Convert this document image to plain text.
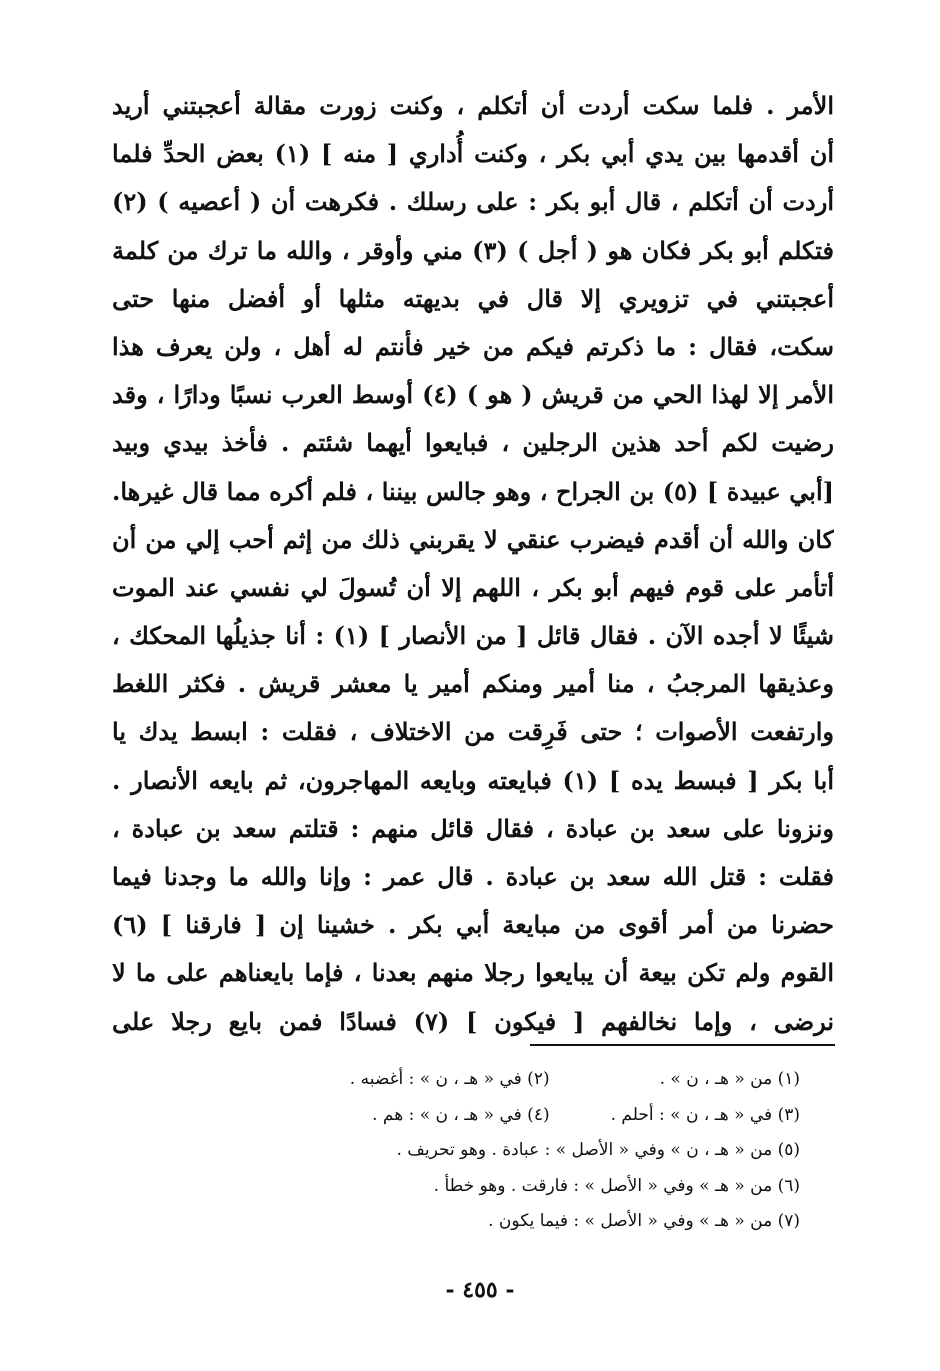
الأمر . فلما سكت أردت أن أتكلم ، وكنت زورت مقالة أعجبتني أريد
أن أقدمها بين يدي أبي بكر ، وكنت أُداري [ منه ] (١) بعض الحدِّ فلما
أردت أن أتكلم ، قال أبو بكر : على رسلك . فكرهت أن ( أعصيه ) (٢)
فتكلم أبو بكر فكان هو ( أجل ) (٣) مني وأوقر ، والله ما ترك من كلمة
أعجبتني في تزويري إلا قال في بديهته مثلها أو أفضل منها حتى
سكت، فقال : ما ذكرتم فيكم من خير فأنتم له أهل ، ولن يعرف هذا
الأمر إلا لهذا الحي من قريش ( هو ) (٤) أوسط العرب نسبًا ودارًا ، وقد
رضيت لكم أحد هذين الرجلين ، فبايعوا أيهما شئتم . فأخذ بيدي وبيد
[أبي عبيدة ] (٥) بن الجراح ، وهو جالس بيننا ، فلم أكره مما قال غيرها.
كان والله أن أقدم فيضرب عنقي لا يقربني ذلك من إثم أحب إلي من أن
أتأمر على قوم فيهم أبو بكر ، اللهم إلا أن تُسولَ لي نفسي عند الموت
شيئًا لا أجده الآن . فقال قائل [ من الأنصار ] (١) : أنا جذيلُها المحكك ،
وعذيقها المرجبُ ، منا أمير ومنكم أمير يا معشر قريش . فكثر اللغط
وارتفعت الأصوات ؛ حتى فَرِقت من الاختلاف ، فقلت : ابسط يدك يا
أبا بكر [ فبسط يده ] (١) فبايعته وبايعه المهاجرون، ثم بايعه الأنصار .
ونزونا على سعد بن عبادة ، فقال قائل منهم : قتلتم سعد بن عبادة ،
فقلت : قتل الله سعد بن عبادة . قال عمر : وإنا والله ما وجدنا فيما
حضرنا من أمر أقوى من مبايعة أبي بكر . خشينا إن [ فارقنا ] (٦)
القوم ولم تكن بيعة أن يبايعوا رجلا منهم بعدنا ، فإما بايعناهم على ما لا
نرضى ، وإما نخالفهم [ فيكون ] (٧) فسادًا فمن بايع رجلا على
(١) من « هـ ، ن » . (٢) في « هـ ، ن » : أغضبه .
(٣) في « هـ ، ن » : أحلم . (٤) في « هـ ، ن » : هم .
(٥) من « هـ ، ن » وفي « الأصل » : عبادة . وهو تحريف .
(٦) من « هـ » وفي « الأصل » : فارقت . وهو خطأ .
(٧) من « هـ » وفي « الأصل » : فيما يكون .
- ٤٥٥ -
